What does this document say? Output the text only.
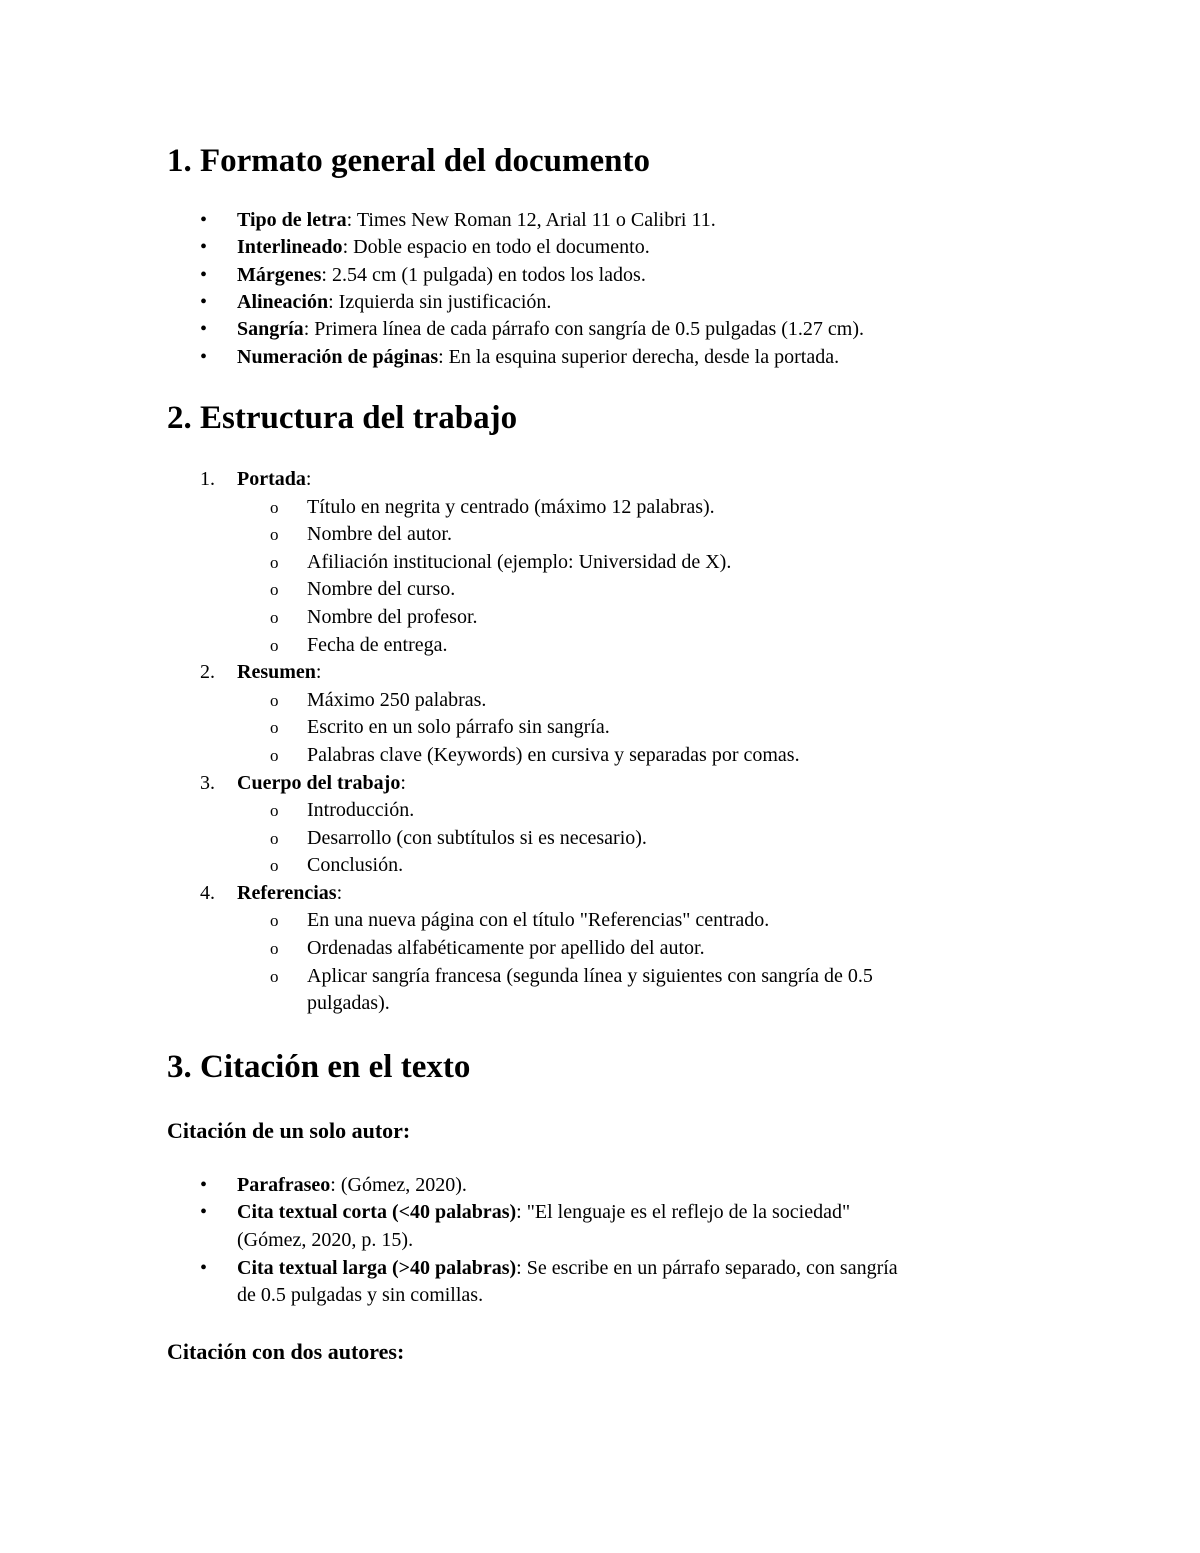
1. Formato general del documento
• Tipo de letra: Times New Roman 12, Arial 11 o Calibri 11.
• Interlineado: Doble espacio en todo el documento.
• Márgenes: 2.54 cm (1 pulgada) en todos los lados.
• Alineación: Izquierda sin justificación.
• Sangría: Primera línea de cada párrafo con sangría de 0.5 pulgadas (1.27 cm).
• Numeración de páginas: En la esquina superior derecha, desde la portada.
2. Estructura del trabajo
1. Portada:
o Título en negrita y centrado (máximo 12 palabras).
o Nombre del autor.
o Afiliación institucional (ejemplo: Universidad de X).
o Nombre del curso.
o Nombre del profesor.
o Fecha de entrega.
2. Resumen:
o Máximo 250 palabras.
o Escrito en un solo párrafo sin sangría.
o Palabras clave (Keywords) en cursiva y separadas por comas.
3. Cuerpo del trabajo:
o Introducción.
o Desarrollo (con subtítulos si es necesario).
o Conclusión.
4. Referencias:
o En una nueva página con el título "Referencias" centrado.
o Ordenadas alfabéticamente por apellido del autor.
o Aplicar sangría francesa (segunda línea y siguientes con sangría de 0.5
pulgadas).
3. Citación en el texto
Citación de un solo autor:
• Parafraseo: (Gómez, 2020).
• Cita textual corta (<40 palabras): "El lenguaje es el reflejo de la sociedad"
(Gómez, 2020, p. 15).
• Cita textual larga (>40 palabras): Se escribe en un párrafo separado, con sangría
de 0.5 pulgadas y sin comillas.
Citación con dos autores:
